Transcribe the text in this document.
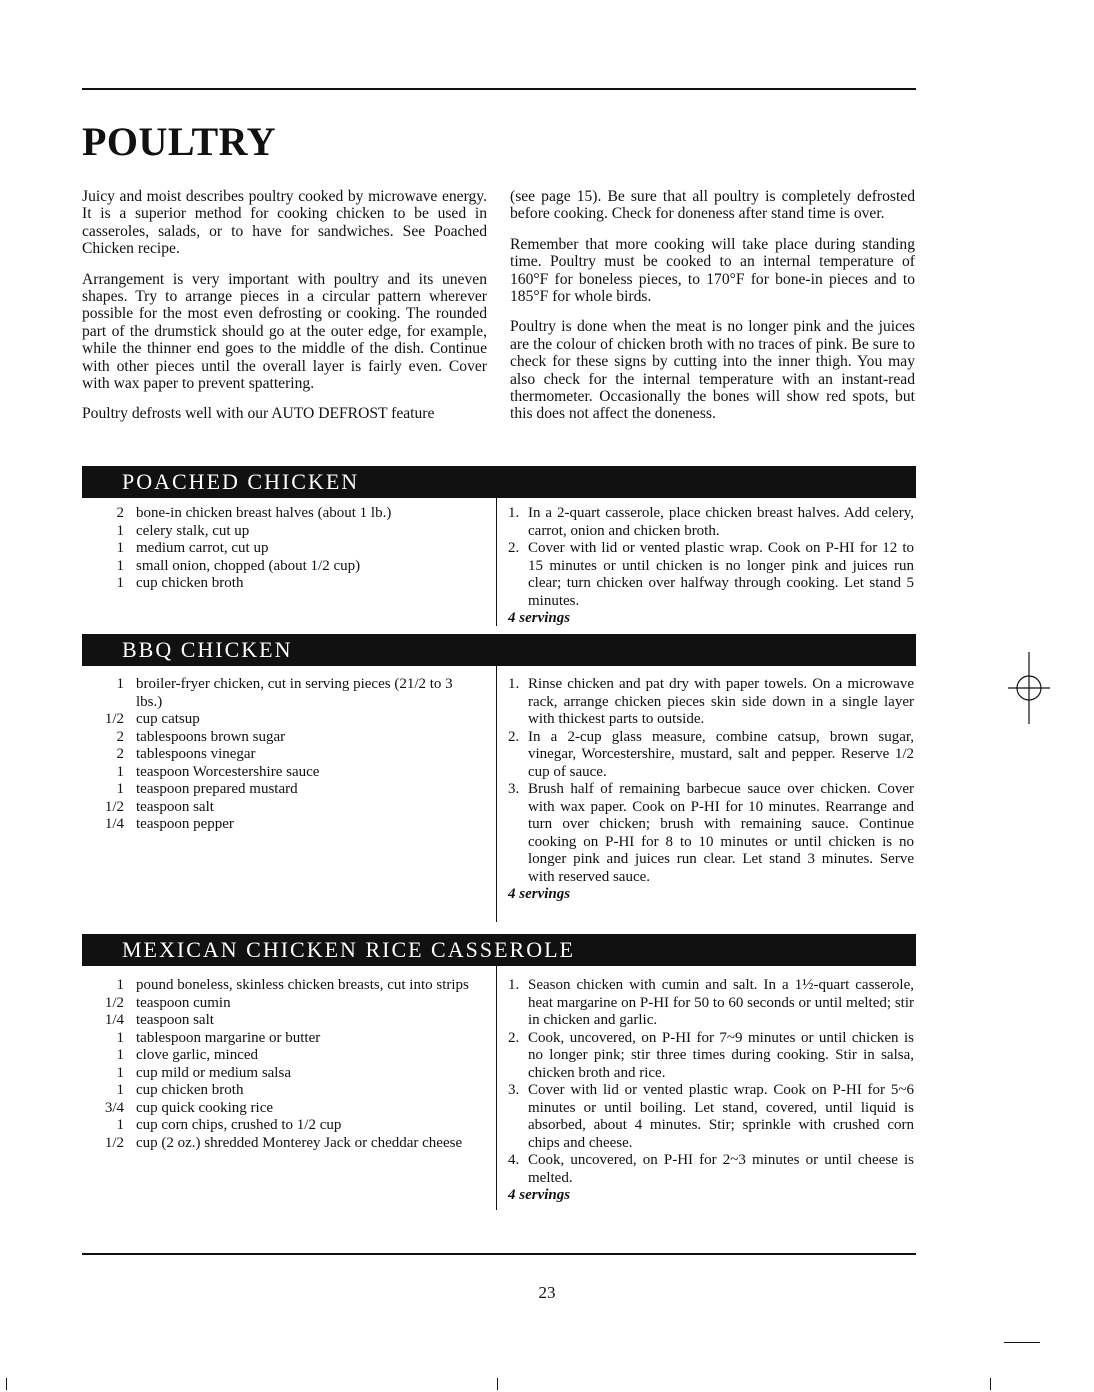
POULTRY

Juicy and moist describes poultry cooked by microwave energy. It is a superior method for cooking chicken to be used in casseroles, salads, or to have for sandwiches. See Poached Chicken recipe.

Arrangement is very important with poultry and its uneven shapes. Try to arrange pieces in a circular pattern wherever possible for the most even defrosting or cooking. The rounded part of the drumstick should go at the outer edge, for example, while the thinner end goes to the middle of the dish. Continue with other pieces until the overall layer is fairly even. Cover with wax paper to prevent spattering.

Poultry defrosts well with our AUTO DEFROST feature

(see page 15). Be sure that all poultry is completely defrosted before cooking. Check for doneness after stand time is over.

Remember that more cooking will take place during standing time. Poultry must be cooked to an internal temperature of 160°F for boneless pieces, to 170°F for bone-in pieces and to 185°F for whole birds.

Poultry is done when the meat is no longer pink and the juices are the colour of chicken broth with no traces of pink. Be sure to check for these signs by cutting into the inner thigh. You may also check for the internal temperature with an instant-read thermometer. Occasionally the bones will show red spots, but this does not affect the doneness.

POACHED CHICKEN
2 bone-in chicken breast halves (about 1 lb.)
1 celery stalk, cut up
1 medium carrot, cut up
1 small onion, chopped (about 1/2 cup)
1 cup chicken broth
1. In a 2-quart casserole, place chicken breast halves. Add celery, carrot, onion and chicken broth.
2. Cover with lid or vented plastic wrap. Cook on P-HI for 12 to 15 minutes or until chicken is no longer pink and juices run clear; turn chicken over halfway through cooking. Let stand 5 minutes.
4 servings
BBQ CHICKEN
1 broiler-fryer chicken, cut in serving pieces (21/2 to 3 lbs.)
1/2 cup catsup
2 tablespoons brown sugar
2 tablespoons vinegar
1 teaspoon Worcestershire sauce
1 teaspoon prepared mustard
1/2 teaspoon salt
1/4 teaspoon pepper
1. Rinse chicken and pat dry with paper towels. On a microwave rack, arrange chicken pieces skin side down in a single layer with thickest parts to outside.
2. In a 2-cup glass measure, combine catsup, brown sugar, vinegar, Worcestershire, mustard, salt and pepper. Reserve 1/2 cup of sauce.
3. Brush half of remaining barbecue sauce over chicken. Cover with wax paper. Cook on P-HI for 10 minutes. Rearrange and turn over chicken; brush with remaining sauce. Continue cooking on P-HI for 8 to 10 minutes or until chicken is no longer pink and juices run clear. Let stand 3 minutes. Serve with reserved sauce.
4 servings
MEXICAN CHICKEN RICE CASSEROLE
1 pound boneless, skinless chicken breasts, cut into strips
1/2 teaspoon cumin
1/4 teaspoon salt
1 tablespoon margarine or butter
1 clove garlic, minced
1 cup mild or medium salsa
1 cup chicken broth
3/4 cup quick cooking rice
1 cup corn chips, crushed to 1/2 cup
1/2 cup (2 oz.) shredded Monterey Jack or cheddar cheese
1. Season chicken with cumin and salt. In a 1½-quart casserole, heat margarine on P-HI for 50 to 60 seconds or until melted; stir in chicken and garlic.
2. Cook, uncovered, on P-HI for 7~9 minutes or until chicken is no longer pink; stir three times during cooking. Stir in salsa, chicken broth and rice.
3. Cover with lid or vented plastic wrap. Cook on P-HI for 5~6 minutes or until boiling. Let stand, covered, until liquid is absorbed, about 4 minutes. Stir; sprinkle with crushed corn chips and cheese.
4. Cook, uncovered, on P-HI for 2~3 minutes or until cheese is melted.
4 servings
23
